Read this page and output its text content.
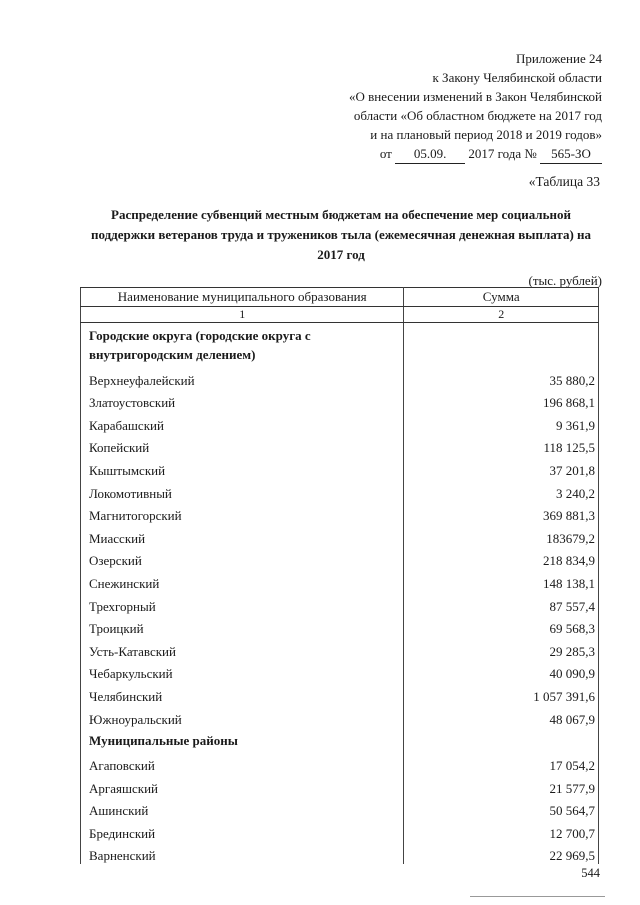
Приложение 24
к Закону Челябинской области
«О внесении изменений в Закон Челябинской
области «Об областном бюджете на 2017 год
и на плановый период 2018 и 2019 годов»
от 05.09. 2017 года № 565-ЗО
«Таблица 33
Распределение субвенций местным бюджетам на обеспечение мер социальной поддержки ветеранов труда и тружеников тыла (ежемесячная денежная выплата) на 2017 год
(тыс. рублей)
Наименование муниципального образования	Сумма
1	2
Городские округа (городские округа с внутригородским делением)	
Верхнеуфалейский	35 880,2
Златоустовский	196 868,1
Карабашский	9 361,9
Копейский	118 125,5
Кыштымский	37 201,8
Локомотивный	3 240,2
Магнитогорский	369 881,3
Миасский	183679,2
Озерский	218 834,9
Снежинский	148 138,1
Трехгорный	87 557,4
Троицкий	69 568,3
Усть-Катавский	29 285,3
Чебаркульский	40 090,9
Челябинский	1 057 391,6
Южноуральский	48 067,9
Муниципальные районы	
Агаповский	17 054,2
Аргаяшский	21 577,9
Ашинский	50 564,7
Брединский	12 700,7
Варненский	22 969,5
544
